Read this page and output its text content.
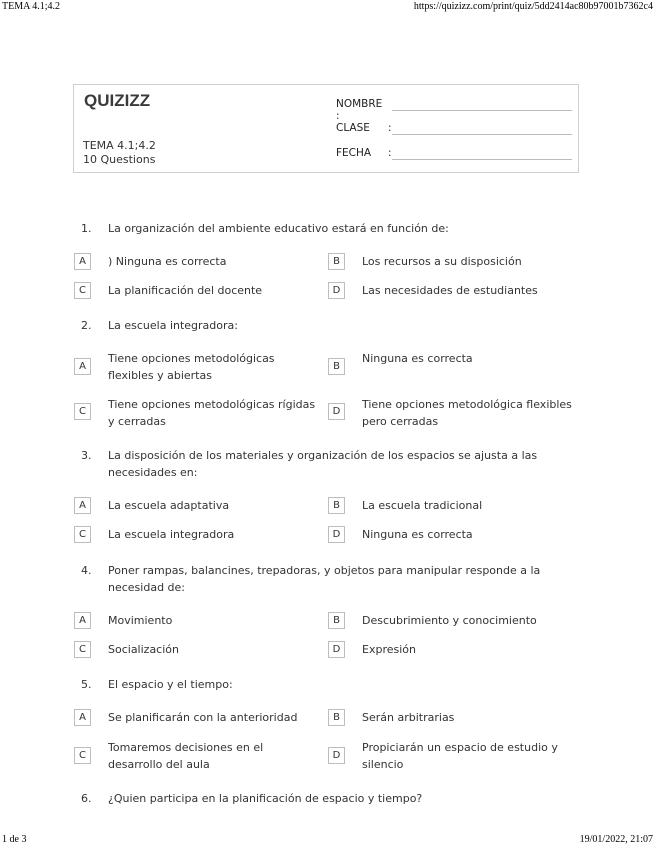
TEMA 4.1;4.2	https://quizizz.com/print/quiz/5dd2414ac80b97001b7362c4
1 de 3	19/01/2022, 21:07
QUIZIZZ
TEMA 4.1;4.2
10 Questions
NOMBRE :
CLASE :
FECHA :
1. La organización del ambiente educativo estará en función de:
A	) Ninguna es correcta	B	Los recursos a su disposición
C	La planificación del docente	D	Las necesidades de estudiantes
2. La escuela integradora:
A
Tiene opciones metodológicas flexibles y abiertas
B
Ninguna es correcta
C
Tiene opciones metodológicas rígidas y cerradas
D
Tiene opciones metodológica flexibles pero cerradas
3. La disposición de los materiales y organización de los espacios se ajusta a las necesidades en:
A	La escuela adaptativa	B	La escuela tradicional
C	La escuela integradora	D	Ninguna es correcta
4. Poner rampas, balancines, trepadoras, y objetos para manipular responde a la necesidad de:
A	Movimiento	B	Descubrimiento y conocimiento
C	Socialización	D	Expresión
5. El espacio y el tiempo:
A	Se planificarán con la anterioridad	B	Serán arbitrarias
C
Tomaremos decisiones en el desarrollo del aula
D
Propiciarán un espacio de estudio y silencio
6. ¿Quien participa en la planificación de espacio y tiempo?
